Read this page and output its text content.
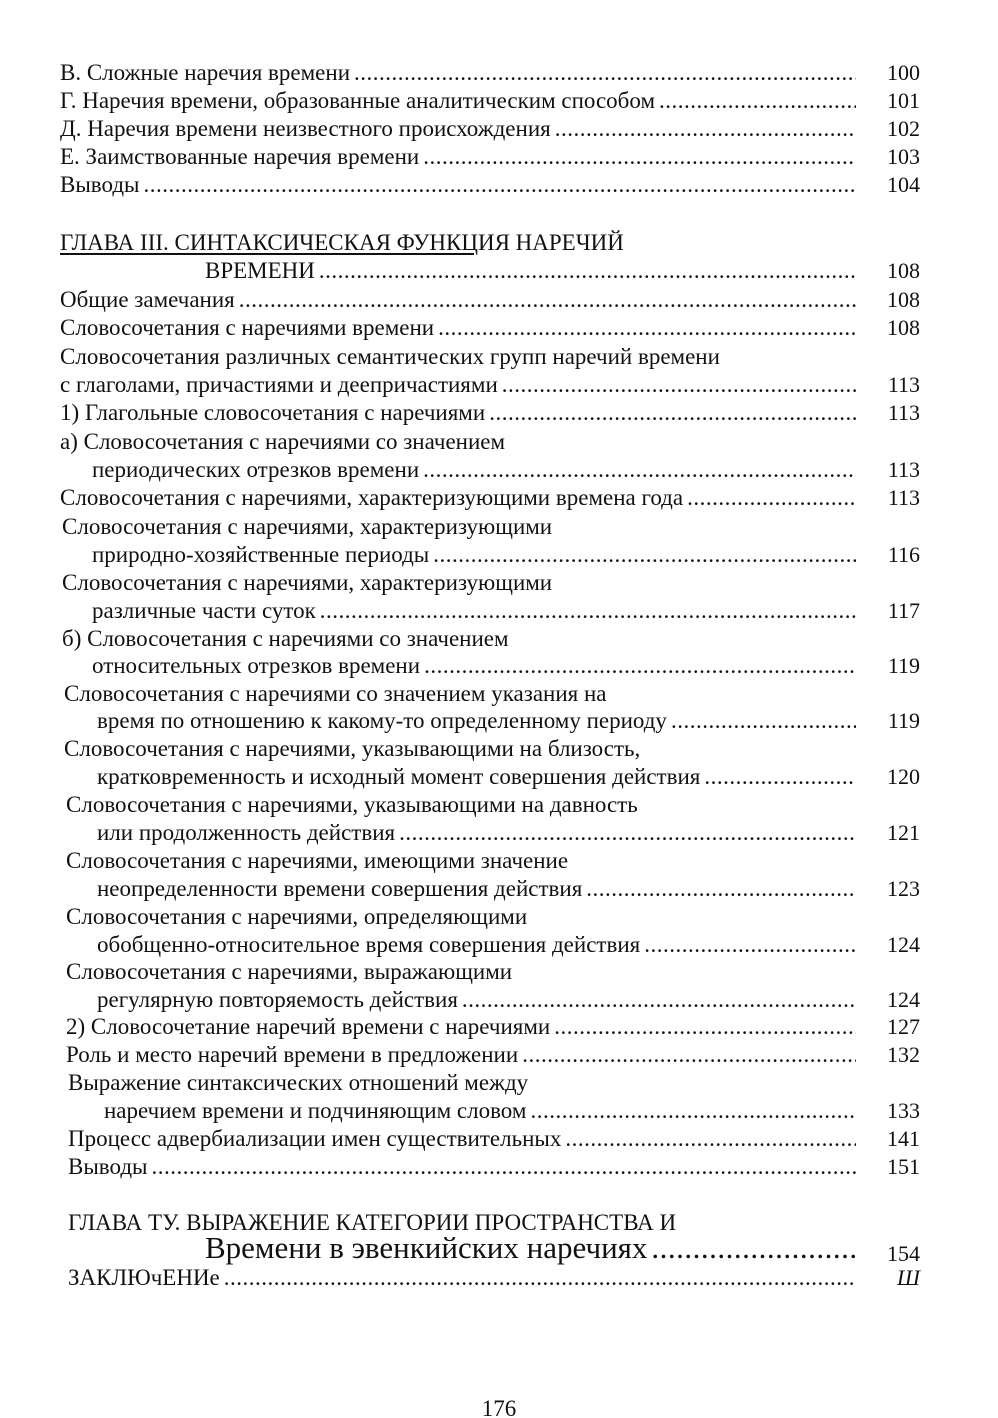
176
100
В. Сложные наречия времени
.....
101
Г. Наречия времени, образованные аналитическим способом
.....
102
Д. Наречия времени неизвестного происхождения
.....
103
Е. Заимствованные наречия времени
.....
104
Выводы
.....
ГЛАВА III. СИНТАКСИЧЕСКАЯ ФУНКЦ ИЯ НАРЕЧИЙ
108
ВРЕМЕНИ
.....
108
Общие замечания
.....
108
Словосочетания с наречиями времени
.....
Словосочетания различных семантических групп наречий времени
113
с глаголами, причастиями и деепричастиями
.....
113
1) Глагольные словосочетания с наречиями
.....
а) Словосочетания с наречиями со значением
113
периодических отрезков времени
.....
113
Словосочетания с наречиями, характеризующими времена года
.....
Словосочетания с наречиями, характеризующими
116
природно-хозяйственные периоды
.....
Словосочетания с наречиями, характеризующими
117
различные части суток
.....
б) Словосочетания с наречиями со значением
119
относительных отрезков времени
.....
Словосочетания с наречиями со значением указания на
119
время по отношению к какому-то определенному периоду
.....
Словосочетания с наречиями, указывающими на близость,
120
кратковременность и исходный момент совершения действия
.....
Словосочетания с наречиями, указывающими на давность
121
или продолженность действия
.....
Словосочетания с наречиями, имеющими значение
123
неопределенности времени совершения действия
.....
Словосочетания с наречиями, определяющими
124
обобщенно-относительное время совершения действия
.....
Словосочетания с наречиями, выражающими
124
регулярную повторяемость действия
.....
127
2) Словосочетание наречий времени с наречиями
.....
132
Роль и место наречий времени в предложении
.....
Выражение синтаксических отношений между
133
наречием времени и подчиняющим словом
.....
141
Процесс адвербиализации имен существительных
.....
151
Выводы
.....
ГЛАВА ТУ. ВЫРАЖЕНИЕ КАТЕГОРИИ ПРОСТРАНСТВА И
154
Времени в эвенкийских наречиях
.....
Ш
ЗАКЛЮчЕНИе
.....
